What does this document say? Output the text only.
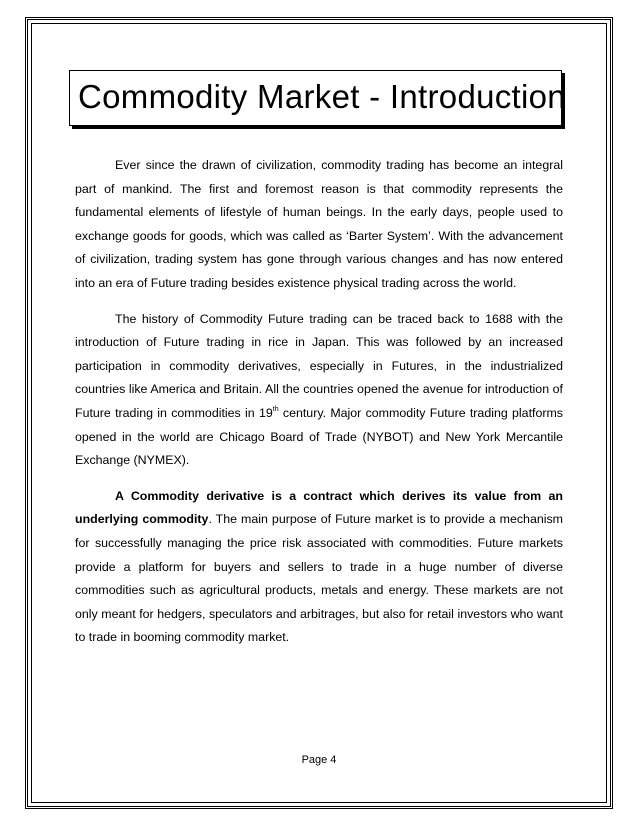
Commodity Market - Introduction

Ever since the drawn of civilization, commodity trading has become an integral part of mankind. The first and foremost reason is that commodity represents the fundamental elements of lifestyle of human beings. In the early days, people used to exchange goods for goods, which was called as ‘Barter System’. With the advancement of civilization, trading system has gone through various changes and has now entered into an era of Future trading besides existence physical trading across the world.

The history of Commodity Future trading can be traced back to 1688 with the introduction of Future trading in rice in Japan. This was followed by an increased participation in commodity derivatives, especially in Futures, in the industrialized countries like America and Britain. All the countries opened the avenue for introduction of Future trading in commodities in 19th century. Major commodity Future trading platforms opened in the world are Chicago Board of Trade (NYBOT) and New York Mercantile Exchange (NYMEX).

A Commodity derivative is a contract which derives its value from an underlying commodity. The main purpose of Future market is to provide a mechanism for successfully managing the price risk associated with commodities. Future markets provide a platform for buyers and sellers to trade in a huge number of diverse commodities such as agricultural products, metals and energy. These markets are not only meant for hedgers, speculators and arbitrages, but also for retail investors who want to trade in booming commodity market.

Page 4
